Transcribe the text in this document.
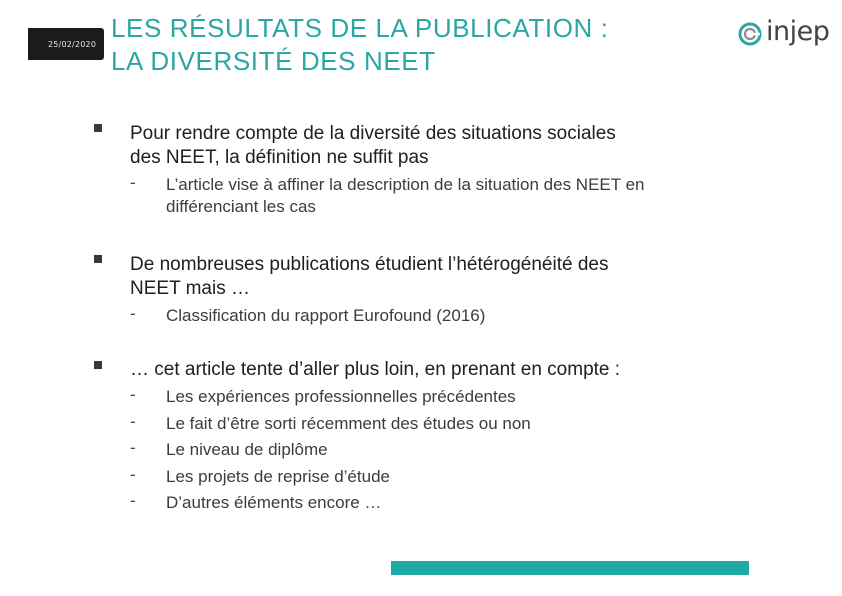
25/02/2020
LES RÉSULTATS DE LA PUBLICATION :
LA DIVERSITÉ DES NEET
injep
Pour rendre compte de la diversité des situations sociales
des NEET, la définition ne suffit pas
- L’article vise à affiner la description de la situation des NEET en
différenciant les cas
De nombreuses publications étudient l’hétérogénéité des
NEET mais …
- Classification du rapport Eurofound (2016)
… cet article tente d’aller plus loin, en prenant en compte :
- Les expériences professionnelles précédentes
- Le fait d’être sorti récemment des études ou non
- Le niveau de diplôme
- Les projets de reprise d’étude
- D’autres éléments encore …
